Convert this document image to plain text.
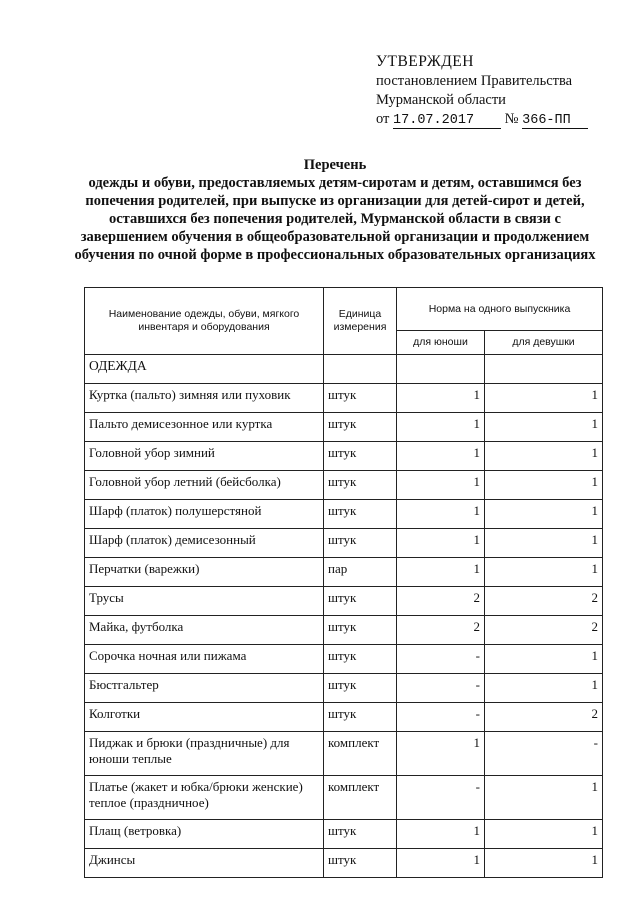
УТВЕРЖДЕН
постановлением Правительства
Мурманской области
от 17.07.2017 № 366-ПП
Перечень
одежды и обуви, предоставляемых детям-сиротам и детям, оставшимся без попечения родителей, при выпуске из организации для детей-сирот и детей, оставшихся без попечения родителей, Мурманской области в связи с завершением обучения в общеобразовательной организации и продолжением обучения по очной форме в профессиональных образовательных организациях
Наименование одежды, обуви, мягкого инвентаря и оборудования	Единица измерения	Норма на одного выпускника	
		для юноши	для девушки
ОДЕЖДА			
Куртка (пальто) зимняя или пуховик	штук	1	1
Пальто демисезонное или куртка	штук	1	1
Головной убор зимний	штук	1	1
Головной убор летний (бейсболка)	штук	1	1
Шарф (платок) полушерстяной	штук	1	1
Шарф (платок) демисезонный	штук	1	1
Перчатки (варежки)	пар	1	1
Трусы	штук	2	2
Майка, футболка	штук	2	2
Сорочка ночная или пижама	штук	-	1
Бюстгальтер	штук	-	1
Колготки	штук	-	2
Пиджак и брюки (праздничные) для юноши теплые	комплект	1	-
Платье (жакет и юбка/брюки женские) теплое (праздничное)	комплект	-	1
Плащ (ветровка)	штук	1	1
Джинсы	штук	1	1
